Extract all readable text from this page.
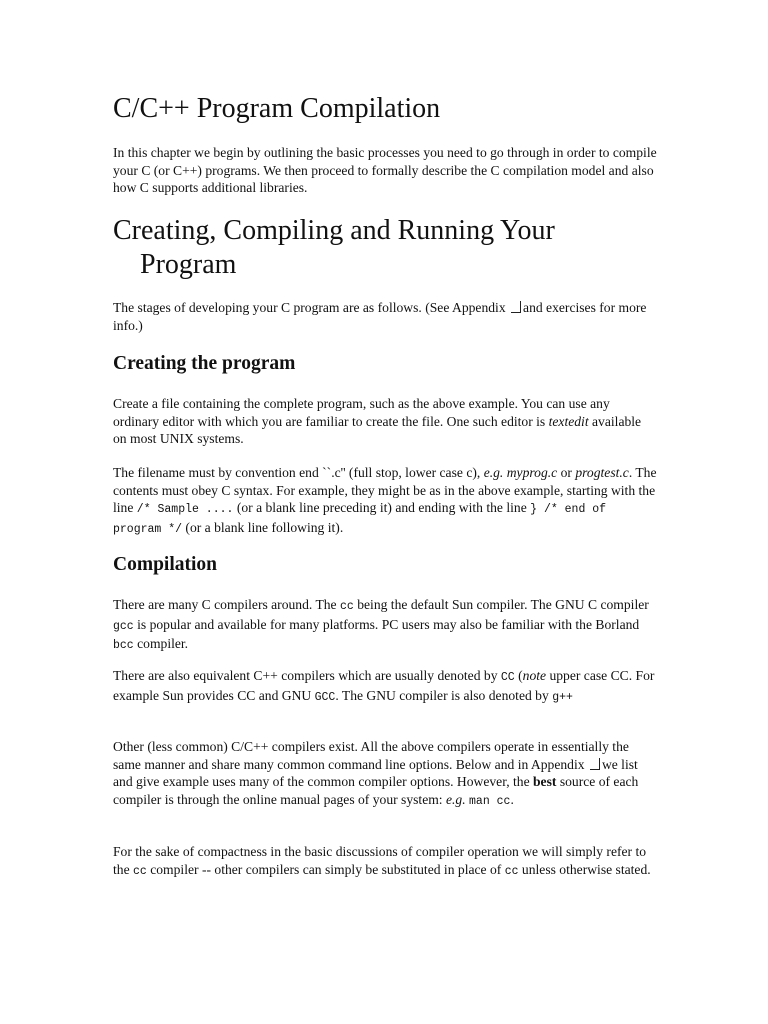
C/C++ Program Compilation

In this chapter we begin by outlining the basic processes you need to go through in order to compile your C (or C++) programs. We then proceed to formally describe the C compilation model and also how C supports additional libraries.

Creating, Compiling and Running Your
Program

The stages of developing your C program are as follows. (See Appendix and exercises for more info.)

Creating the program

Create a file containing the complete program, such as the above example. You can use any ordinary editor with which you are familiar to create the file. One such editor is textedit available on most UNIX systems.

The filename must by convention end ``.c'' (full stop, lower case c), e.g. myprog.c or progtest.c. The contents must obey C syntax. For example, they might be as in the above example, starting with the line /* Sample .... (or a blank line preceding it) and ending with the line } /* end of program */ (or a blank line following it).

Compilation

There are many C compilers around. The cc being the default Sun compiler. The GNU C compiler gcc is popular and available for many platforms. PC users may also be familiar with the Borland bcc compiler.

There are also equivalent C++ compilers which are usually denoted by CC (note upper case CC. For example Sun provides CC and GNU GCC. The GNU compiler is also denoted by g++

Other (less common) C/C++ compilers exist. All the above compilers operate in essentially the same manner and share many common command line options. Below and in Appendix we list and give example uses many of the common compiler options. However, the best source of each compiler is through the online manual pages of your system: e.g. man cc.

For the sake of compactness in the basic discussions of compiler operation we will simply refer to the cc compiler -- other compilers can simply be substituted in place of cc unless otherwise stated.
